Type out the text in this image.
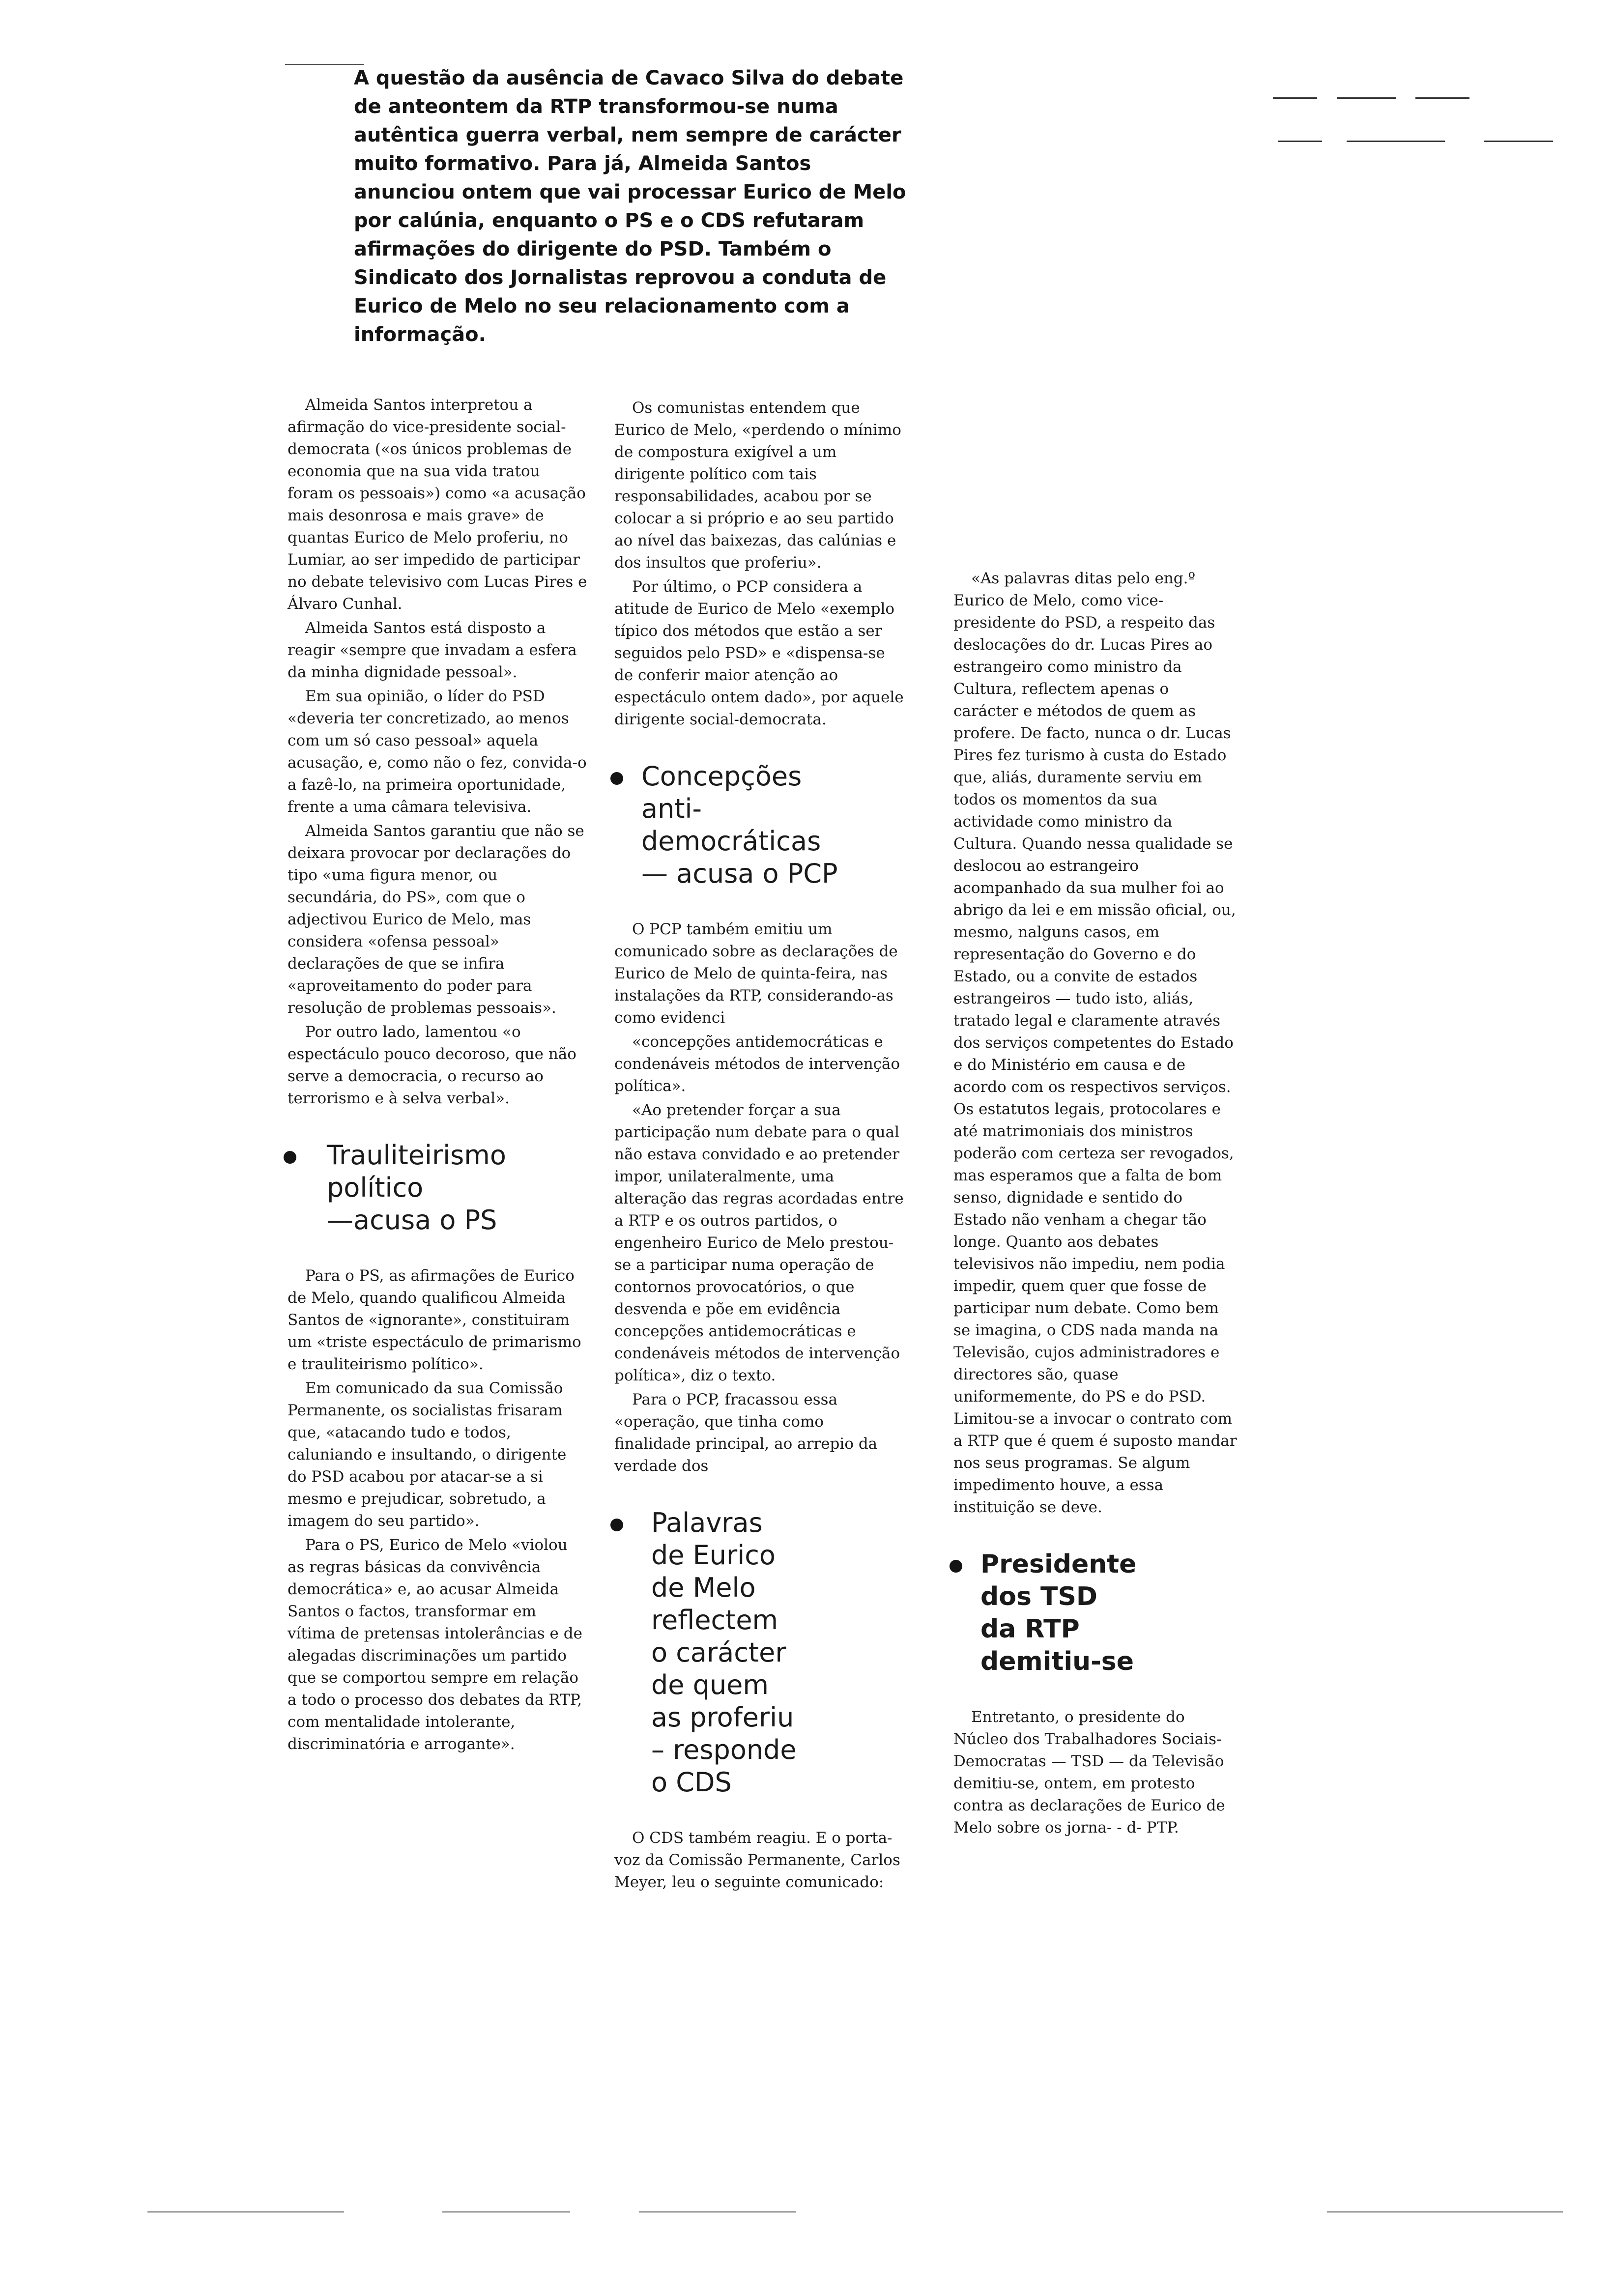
A questão da ausência de Cavaco Silva do debate de anteontem da RTP transformou-se numa autêntica guerra verbal, nem sempre de carácter muito formativo. Para já, Almeida Santos anunciou ontem que vai processar Eurico de Melo por calúnia, enquanto o PS e o CDS refutaram afirmações do dirigente do PSD. Também o Sindicato dos Jornalistas reprovou a conduta de Eurico de Melo no seu relacionamento com a informação.

Almeida Santos interpretou a afirmação do vice-presidente social-democrata («os únicos problemas de economia que na sua vida tratou foram os pessoais») como «a acusação mais desonrosa e mais grave» de quantas Eurico de Melo proferiu, no Lumiar, ao ser impedido de participar no debate televisivo com Lucas Pires e Álvaro Cunhal.

Almeida Santos está disposto a reagir «sempre que invadam a esfera da minha dignidade pessoal».

Em sua opinião, o líder do PSD «deveria ter concretizado, ao menos com um só caso pessoal» aquela acusação, e, como não o fez, convida-o a fazê-lo, na primeira oportunidade, frente a uma câmara televisiva.

Almeida Santos garantiu que não se deixara provocar por declarações do tipo «uma figura menor, ou secundária, do PS», com que o adjectivou Eurico de Melo, mas considera «ofensa pessoal» declarações de que se infira «aproveitamento do poder para resolução de problemas pessoais».

Por outro lado, lamentou «o espectáculo pouco decoroso, que não serve a democracia, o recurso ao terrorismo e à selva verbal».

Trauliteirismo
político
—acusa o PS

Para o PS, as afirmações de Eurico de Melo, quando qualificou Almeida Santos de «ignorante», constituiram um «triste espectáculo de primarismo e trauliteirismo político».

Em comunicado da sua Comissão Permanente, os socialistas frisaram que, «atacando tudo e todos, caluniando e insultando, o dirigente do PSD acabou por atacar-se a si mesmo e prejudicar, sobretudo, a imagem do seu partido».

Para o PS, Eurico de Melo «violou as regras básicas da convivência democrática» e, ao acusar Almeida Santos o factos, transformar em vítima de pretensas intolerâncias e de alegadas discriminações um partido que se comportou sempre em relação a todo o processo dos debates da RTP, com mentalidade intolerante, discriminatória e arrogante».

Os comunistas entendem que Eurico de Melo, «perdendo o mínimo de compostura exigível a um dirigente político com tais responsabilidades, acabou por se colocar a si próprio e ao seu partido ao nível das baixezas, das calúnias e dos insultos que proferiu».

Por último, o PCP considera a atitude de Eurico de Melo «exemplo típico dos métodos que estão a ser seguidos pelo PSD» e «dispensa-se de conferir maior atenção ao espectáculo ontem dado», por aquele dirigente social-democrata.

Concepções
anti-
democráticas
— acusa o PCP

O PCP também emitiu um comunicado sobre as declarações de Eurico de Melo de quinta-feira, nas instalações da RTP, considerando-as como evidenci

«concepções antidemocráticas e condenáveis métodos de intervenção política».

«Ao pretender forçar a sua participação num debate para o qual não estava convidado e ao pretender impor, unilateralmente, uma alteração das regras acordadas entre a RTP e os outros partidos, o engenheiro Eurico de Melo prestou-se a participar numa operação de contornos provocatórios, o que desvenda e põe em evidência concepções antidemocráticas e condenáveis métodos de intervenção política», diz o texto.

Para o PCP, fracassou essa «operação, que tinha como finalidade principal, ao arrepio da verdade dos

Palavras
de Eurico
de Melo
reflectem
o carácter
de quem
as proferiu
– responde
o CDS

O CDS também reagiu. E o porta-voz da Comissão Permanente, Carlos Meyer, leu o seguinte comunicado:

«As palavras ditas pelo eng.º Eurico de Melo, como vice-presidente do PSD, a respeito das deslocações do dr. Lucas Pires ao estrangeiro como ministro da Cultura, reflectem apenas o carácter e métodos de quem as profere. De facto, nunca o dr. Lucas Pires fez turismo à custa do Estado que, aliás, duramente serviu em todos os momentos da sua actividade como ministro da Cultura. Quando nessa qualidade se deslocou ao estrangeiro acompanhado da sua mulher foi ao abrigo da lei e em missão oficial, ou, mesmo, nalguns casos, em representação do Governo e do Estado, ou a convite de estados estrangeiros — tudo isto, aliás, tratado legal e claramente através dos serviços competentes do Estado e do Ministério em causa e de acordo com os respectivos serviços. Os estatutos legais, protocolares e até matrimoniais dos ministros poderão com certeza ser revogados, mas esperamos que a falta de bom senso, dignidade e sentido do Estado não venham a chegar tão longe. Quanto aos debates televisivos não impediu, nem podia impedir, quem quer que fosse de participar num debate. Como bem se imagina, o CDS nada manda na Televisão, cujos administradores e directores são, quase uniformemente, do PS e do PSD. Limitou-se a invocar o contrato com a RTP que é quem é suposto mandar nos seus programas. Se algum impedimento houve, a essa instituição se deve.

Presidente
dos TSD
da RTP
demitiu-se

Entretanto, o presidente do Núcleo dos Trabalhadores Sociais-Democratas — TSD — da Televisão demitiu-se, ontem, em protesto contra as declarações de Eurico de Melo sobre os jorna- - d- PTP.
